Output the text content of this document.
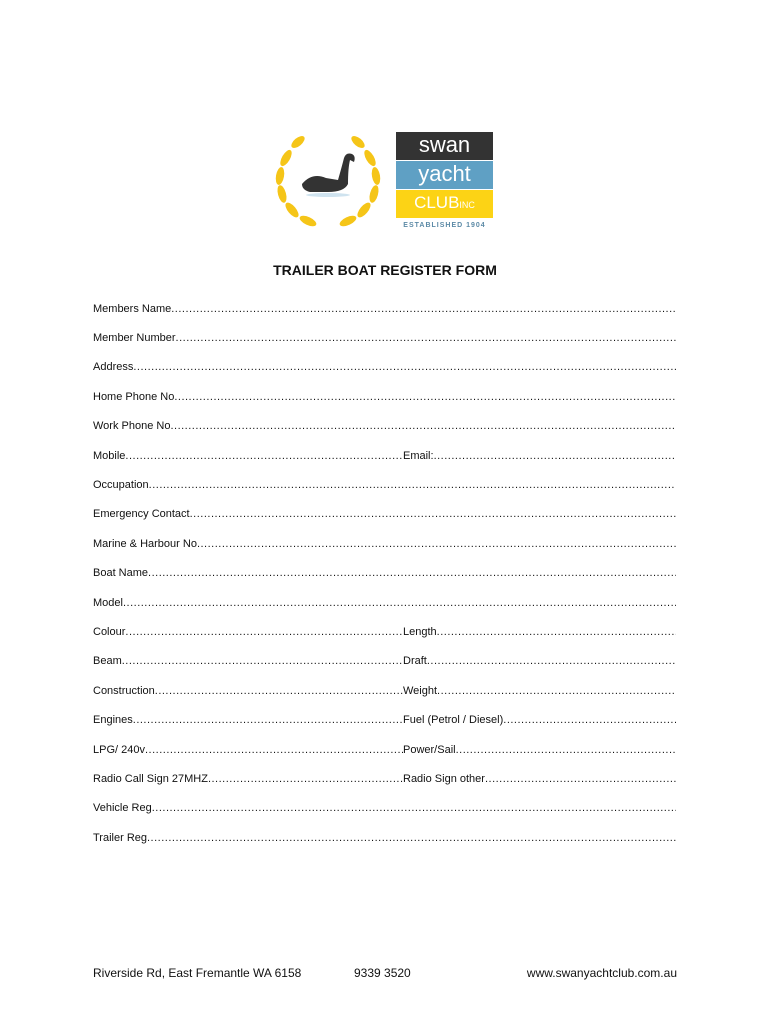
swan
yacht
CLUBINC
ESTABLISHED 1904
TRAILER BOAT REGISTER FORM
Members Name
.....
Member Number
.....
Address
.....
Home Phone No
.....
Work Phone No
.....
Mobile .....	Email:
.....
Occupation
.....
Emergency Contact
.....
Marine & Harbour No
.....
Boat Name
.....
Model
.....
Colour .....	Length
.....
Beam .....	Draft
.....
Construction .....	Weight
.....
Engines .....	Fuel (Petrol / Diesel)
.....
LPG/ 240v .....	Power/Sail
.....
Radio Call Sign 27MHZ .....	Radio Sign other
.....
Vehicle Reg
.....
Trailer Reg
.....
Riverside Rd, East Fremantle WA 6158	9339 3520	www.swanyachtclub.com.au
